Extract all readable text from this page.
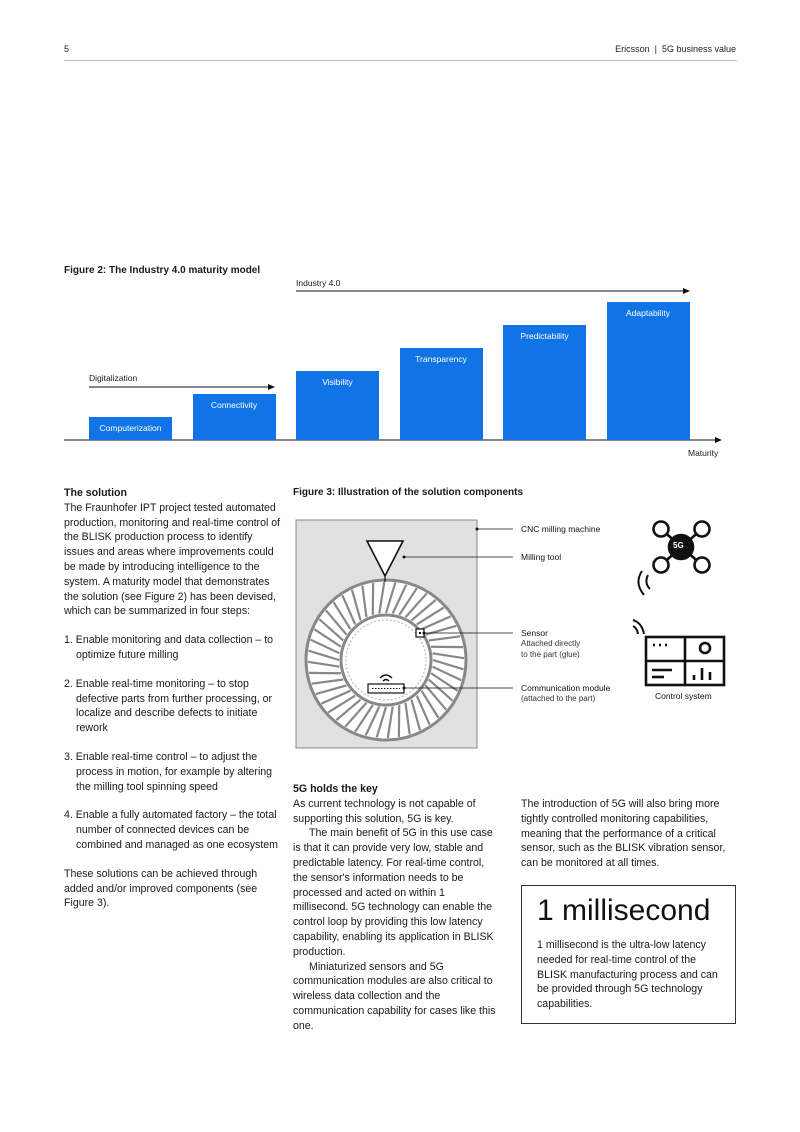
5	Ericsson  |  5G business value
Figure 2: The Industry 4.0 maturity model
Industry 4.0
Digitalization
Computerization
Connectivity
Visibility
Transparency
Predictability
Adaptability
Maturity

The solution

The Fraunhofer IPT project tested automated production, monitoring and real-time control of the BLISK production process to identify issues and areas where improvements could be made by introducing intelligence to the system. A maturity model that demonstrates the solution (see Figure 2) has been devised, which can be summarized in four steps:

1. Enable monitoring and data collection – to optimize future milling

2. Enable real-time monitoring – to stop defective parts from further processing, or localize and describe defects to initiate rework

3. Enable real-time control – to adjust the process in motion, for example by altering the milling tool spinning speed

4. Enable a fully automated factory – the total number of connected devices can be combined and managed as one ecosystem

These solutions can be achieved through added and/or improved components (see Figure 3).

Figure 3: Illustration of the solution components
5G
CNC milling machine
Milling tool
Sensor
Attached directly
to the part (glue)
Communication module
(attached to the part)	Control system

5G holds the key

As current technology is not capable of supporting this solution, 5G is key.

The main benefit of 5G in this use case is that it can provide very low, stable and predictable latency. For real-time control, the sensor's information needs to be processed and acted on within 1 millisecond. 5G technology can enable the control loop by providing this low latency capability, enabling its application in BLISK production.

Miniaturized sensors and 5G communication modules are also critical to wireless data collection and the communication capability for cases like this one.

The introduction of 5G will also bring more tightly controlled monitoring capabilities, meaning that the performance of a critical sensor, such as the BLISK vibration sensor, can be monitored at all times.

1 millisecond
1 millisecond is the ultra-low latency needed for real-time control of the BLISK manufacturing process and can be provided through 5G technology capabilities.
